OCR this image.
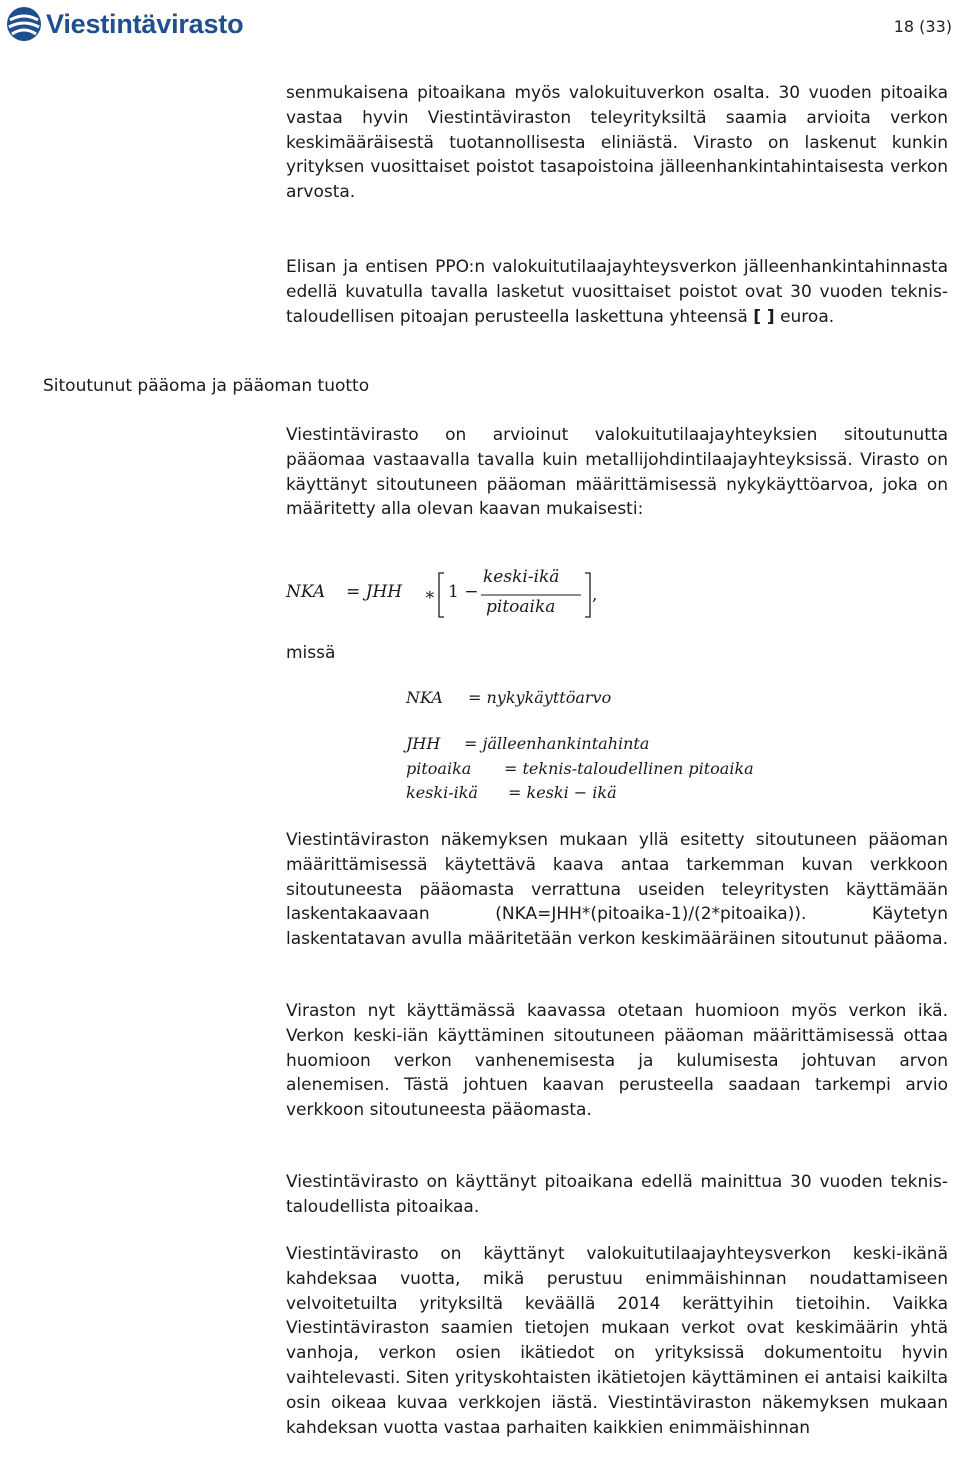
Viestintävirasto	18 (33)
Sitoutunut pääoma ja pääoman tuotto

senmukaisena pitoaikana myös valokuituverkon osalta. 30 vuoden pitoaika vastaa hyvin Viestintäviraston teleyrityksiltä saamia arvioita verkon keskimääräisestä tuotannollisesta eliniästä. Virasto on laskenut kunkin yrityksen vuosittaiset poistot tasapoistoina jälleenhankintahintaisesta verkon arvosta.

Elisan ja entisen PPO:n valokuitutilaajayhteysverkon jälleenhankintahinnasta edellä kuvatulla tavalla lasketut vuosittaiset poistot ovat 30 vuoden teknis-taloudellisen pitoajan perusteella laskettuna yhteensä [ ] euroa.

Viestintävirasto on arvioinut valokuitutilaajayhteyksien sitoutunutta pääomaa vastaavalla tavalla kuin metallijohdintilaajayhteyksissä. Virasto on käyttänyt sitoutuneen pääoman määrittämisessä nykykäyttöarvoa, joka on määritetty alla olevan kaavan mukaisesti:

NKA = JHH ∗ 1 −
keski-ikä
pitoaika
,
missä
NKA = nykykäyttöarvo
JHH = jälleenhankintahinta
pitoaika = teknis-taloudellinen pitoaika
keski-ikä = keski − ikä

Viestintäviraston näkemyksen mukaan yllä esitetty sitoutuneen pääoman määrittämisessä käytettävä kaava antaa tarkemman kuvan verkkoon sitoutuneesta pääomasta verrattuna useiden teleyritysten käyttämään laskentakaavaan (NKA=JHH*(pitoaika-1)/(2*pitoaika)). Käytetyn laskentatavan avulla määritetään verkon keskimääräinen sitoutunut pääoma.

Viraston nyt käyttämässä kaavassa otetaan huomioon myös verkon ikä. Verkon keski-iän käyttäminen sitoutuneen pääoman määrittämisessä ottaa huomioon verkon vanhenemisesta ja kulumisesta johtuvan arvon alenemisen. Tästä johtuen kaavan perusteella saadaan tarkempi arvio verkkoon sitoutuneesta pääomasta.

Viestintävirasto on käyttänyt pitoaikana edellä mainittua 30 vuoden teknis-taloudellista pitoaikaa.

Viestintävirasto on käyttänyt valokuitutilaajayhteysverkon keski-ikänä kahdeksaa vuotta, mikä perustuu enimmäishinnan noudattamiseen velvoitetuilta yrityksiltä keväällä 2014 kerättyihin tietoihin. Vaikka Viestintäviraston saamien tietojen mukaan verkot ovat keskimäärin yhtä vanhoja, verkon osien ikätiedot on yrityksissä dokumentoitu hyvin vaihtelevasti. Siten yrityskohtaisten ikätietojen käyttäminen ei antaisi kaikilta osin oikeaa kuvaa verkkojen iästä. Viestintäviraston näkemyksen mukaan kahdeksan vuotta vastaa parhaiten kaikkien enimmäishinnan
